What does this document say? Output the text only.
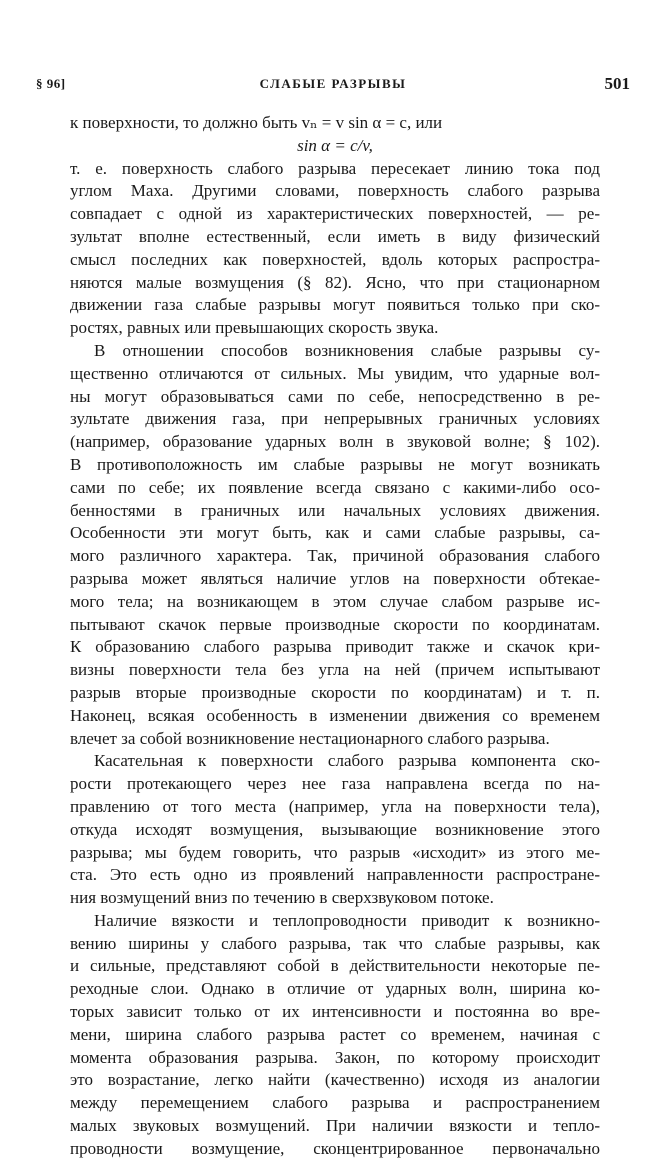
§ 96]	СЛАБЫЕ РАЗРЫВЫ	501
к поверхности, то должно быть vₙ = v sin α = c, или
sin α = c/v,
т. е. поверхность слабого разрыва пересекает линию тока под
углом Маха. Другими словами, поверхность слабого разрыва
совпадает с одной из характеристических поверхностей, — ре-
зультат вполне естественный, если иметь в виду физический
смысл последних как поверхностей, вдоль которых распростра-
няются малые возмущения (§ 82). Ясно, что при стационарном
движении газа слабые разрывы могут появиться только при ско-
ростях, равных или превышающих скорость звука.
В отношении способов возникновения слабые разрывы су-
щественно отличаются от сильных. Мы увидим, что ударные вол-
ны могут образовываться сами по себе, непосредственно в ре-
зультате движения газа, при непрерывных граничных условиях
(например, образование ударных волн в звуковой волне; § 102).
В противоположность им слабые разрывы не могут возникать
сами по себе; их появление всегда связано с какими-либо осо-
бенностями в граничных или начальных условиях движения.
Особенности эти могут быть, как и сами слабые разрывы, са-
мого различного характера. Так, причиной образования слабого
разрыва может являться наличие углов на поверхности обтекае-
мого тела; на возникающем в этом случае слабом разрыве ис-
пытывают скачок первые производные скорости по координатам.
К образованию слабого разрыва приводит также и скачок кри-
визны поверхности тела без угла на ней (причем испытывают
разрыв вторые производные скорости по координатам) и т. п.
Наконец, всякая особенность в изменении движения со временем
влечет за собой возникновение нестационарного слабого разрыва.
Касательная к поверхности слабого разрыва компонента ско-
рости протекающего через нее газа направлена всегда по на-
правлению от того места (например, угла на поверхности тела),
откуда исходят возмущения, вызывающие возникновение этого
разрыва; мы будем говорить, что разрыв «исходит» из этого ме-
ста. Это есть одно из проявлений направленности распростране-
ния возмущений вниз по течению в сверхзвуковом потоке.
Наличие вязкости и теплопроводности приводит к возникно-
вению ширины у слабого разрыва, так что слабые разрывы, как
и сильные, представляют собой в действительности некоторые пе-
реходные слои. Однако в отличие от ударных волн, ширина ко-
торых зависит только от их интенсивности и постоянна во вре-
мени, ширина слабого разрыва растет со временем, начиная с
момента образования разрыва. Закон, по которому происходит
это возрастание, легко найти (качественно) исходя из аналогии
между перемещением слабого разрыва и распространением
малых звуковых возмущений. При наличии вязкости и тепло-
проводности возмущение, сконцентрированное первоначально
